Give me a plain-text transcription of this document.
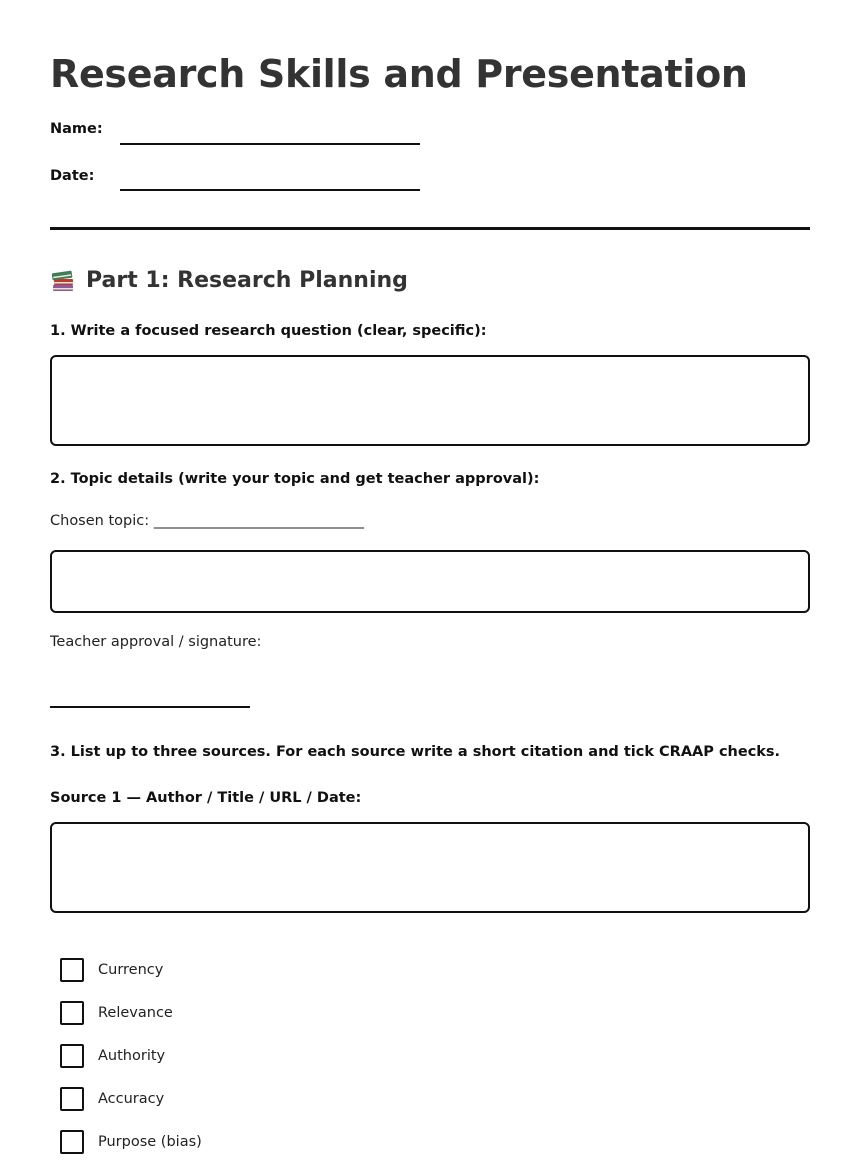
Research Skills and Presentation
Name:
Date:
Part 1: Research Planning
1. Write a focused research question (clear, specific):
2. Topic details (write your topic and get teacher approval):
Chosen topic: _____________________________
Teacher approval / signature:
3. List up to three sources. For each source write a short citation and tick CRAAP checks.
Source 1 — Author / Title / URL / Date:
Currency
Relevance
Authority
Accuracy
Purpose (bias)
